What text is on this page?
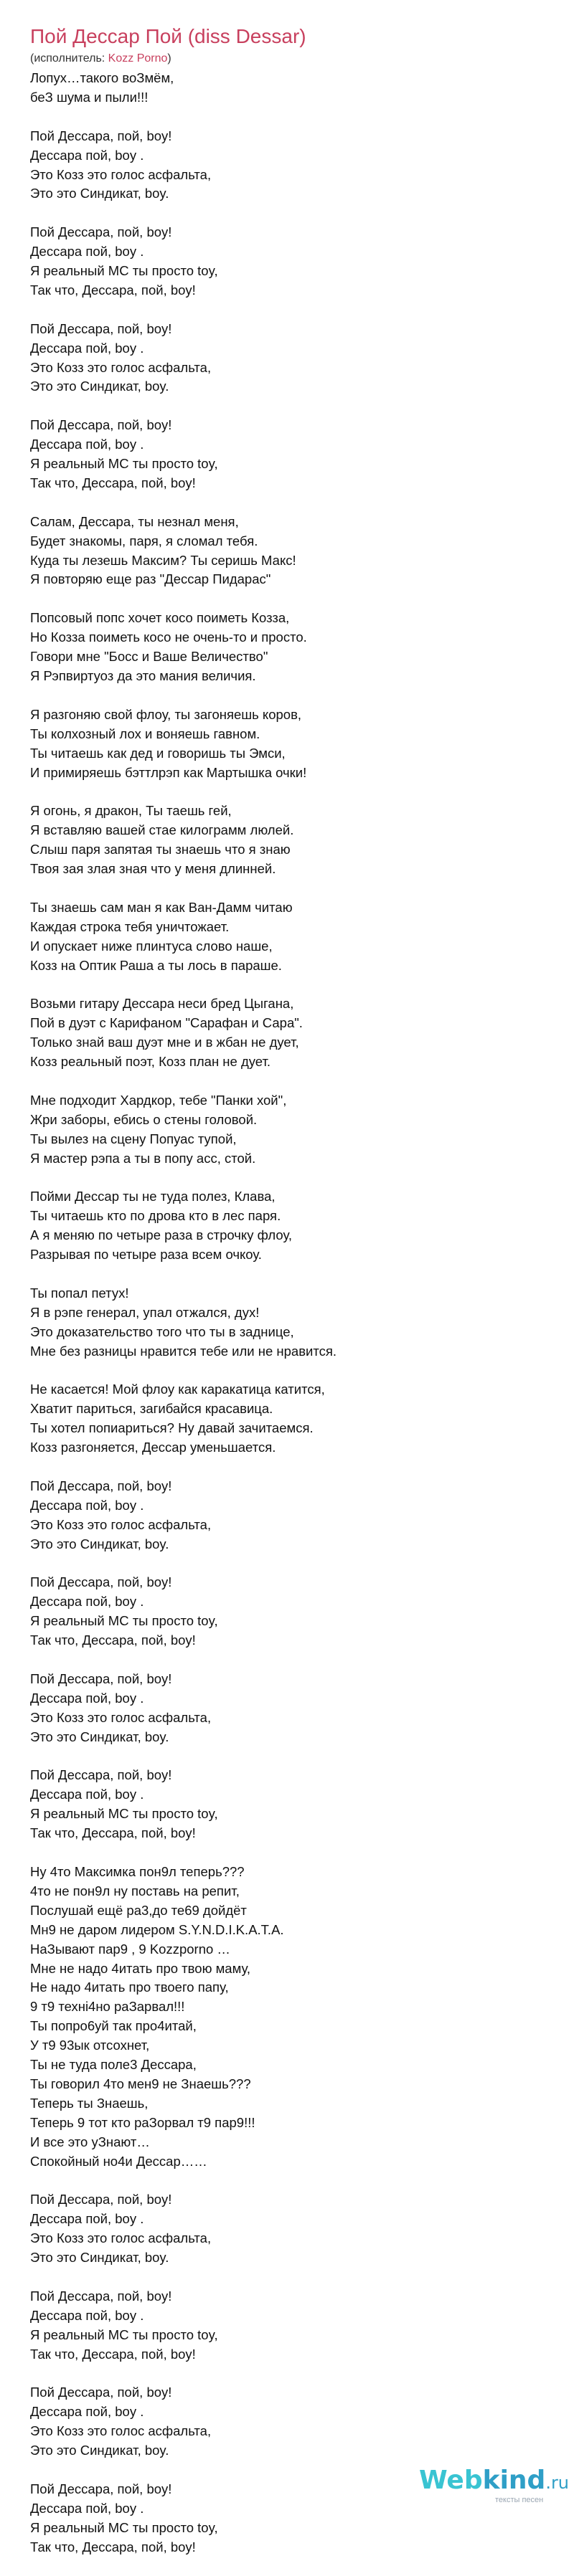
Пой Дессар Пой (diss Dessar)
(исполнитель: Kozz Porno)
Лопух…такого воЗмём,
беЗ шума и пыли!!!
Пой Дессара, пой, boy!
Дессара пой, boy .
Это Козз это голос асфальта,
Это это Синдикат, boy.
Пой Дессара, пой, boy!
Дессара пой, boy .
Я реальный МС ты просто toy,
Так что, Дессара, пой, boy!
Пой Дессара, пой, boy!
Дессара пой, boy .
Это Козз это голос асфальта,
Это это Синдикат, boy.
Пой Дессара, пой, boy!
Дессара пой, boy .
Я реальный МС ты просто toy,
Так что, Дессара, пой, boy!
Салам, Дессара, ты незнал меня,
Будет знакомы, паря, я сломал тебя.
Куда ты лезешь Максим? Ты серишь Макс!
Я повторяю еще раз "Дессар Пидарас"
Попсовый попс хочет косо поиметь Козза,
Но Козза поиметь косо не очень-то и просто.
Говори мне "Босс и Ваше Величество"
Я Рэпвиртуоз да это мания величия.
Я разгоняю свой флоу, ты загоняешь коров,
Ты колхозный лох и воняешь гавном.
Ты читаешь как дед и говоришь ты Эмси,
И примиряешь бэттлрэп как Мартышка очки!
Я огонь, я дракон, Ты таешь гей,
Я вставляю вашей стае килограмм люлей.
Слыш паря запятая ты знаешь что я знаю
Твоя зая злая зная что у меня длинней.
Ты знаешь сам ман я как Ван-Дамм читаю
Каждая строка тебя уничтожает.
И опускает ниже плинтуса слово наше,
Козз на Оптик Раша а ты лось в параше.
Возьми гитару Дессара неси бред Цыгана,
Пой в дуэт с Карифаном "Сарафан и Сара".
Только знай ваш дуэт мне и в жбан не дует,
Козз реальный поэт, Козз план не дует.
Мне подходит Хардкор, тебе "Панки хой",
Жри заборы, ебись о стены головой.
Ты вылез на сцену Попуас тупой,
Я мастер рэпа а ты в попу асс, стой.
Пойми Дессар ты не туда полез, Клава,
Ты читаешь кто по дрова кто в лес паря.
А я меняю по четыре раза в строчку флоу,
Разрывая по четыре раза всем очкоу.
Ты попал петух!
Я в рэпе генерал, упал отжался, дух!
Это доказательство того что ты в заднице,
Мне без разницы нравится тебе или не нравится.
Не касается! Мой флоу как каракатица катится,
Хватит париться, загибайся красавица.
Ты хотел попиариться? Ну давай зачитаемся.
Козз разгоняется, Дессар уменьшается.
Пой Дессара, пой, boy!
Дессара пой, boy .
Это Козз это голос асфальта,
Это это Синдикат, boy.
Пой Дессара, пой, boy!
Дессара пой, boy .
Я реальный МС ты просто toy,
Так что, Дессара, пой, boy!
Пой Дессара, пой, boy!
Дессара пой, boy .
Это Козз это голос асфальта,
Это это Синдикат, boy.
Пой Дессара, пой, boy!
Дессара пой, boy .
Я реальный МС ты просто toy,
Так что, Дессара, пой, boy!
Ну 4то Максимка пон9л теперь???
4то не пон9л ну поставь на репит,
Послушай ещё ра3,до те69 дойдёт
Мн9 не даром лидером S.Y.N.D.I.K.A.T.A.
НаЗывают пар9 , 9 Kozzporno …
Мне не надо 4итать про твою маму,
Не надо 4итать про твоего папу,
9 т9 технi4но раЗарвал!!!
Ты попро6уй так про4итай,
У т9 93ык отсохнет,
Ты не туда поле3 Дессара,
Ты говорил 4то мен9 не Знаешь???
Теперь ты Знаешь,
Теперь 9 тот кто раЗорвал т9 пар9!!!
И все это уЗнают…
Спокойный но4и Дессар……
Пой Дессара, пой, boy!
Дессара пой, boy .
Это Козз это голос асфальта,
Это это Синдикат, boy.
Пой Дессара, пой, boy!
Дессара пой, boy .
Я реальный МС ты просто toy,
Так что, Дессара, пой, boy!
Пой Дессара, пой, boy!
Дессара пой, boy .
Это Козз это голос асфальта,
Это это Синдикат, boy.
Пой Дессара, пой, boy!
Дессара пой, boy .
Я реальный МС ты просто toy,
Так что, Дессара, пой, boy!
Webkind.ru
тексты песен
